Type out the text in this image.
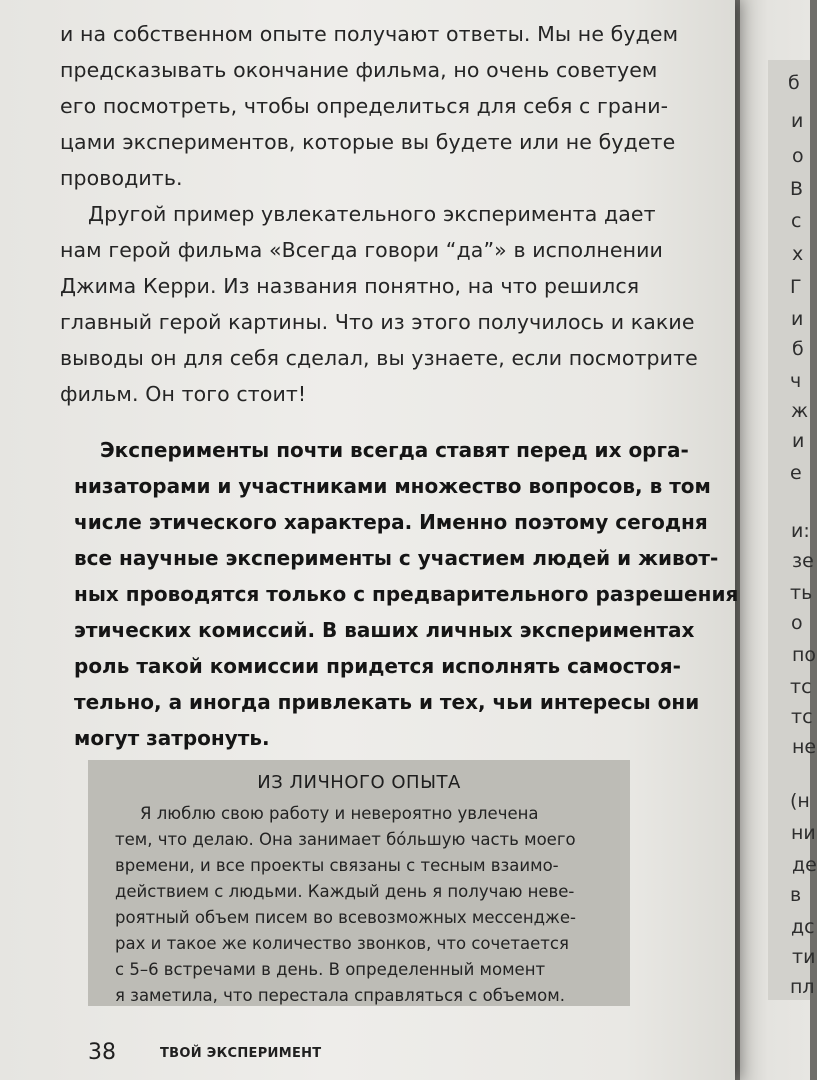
б
и
о
В
с
х
Г
и
б
ч
ж
и
е
и:
зе
ть
о
по
тс
тс
не
(н
ни
де
в
дс
ти
пл
и на собственном опыте получают ответы. Мы не будем
предсказывать окончание фильма, но очень советуем
его посмотреть, чтобы определиться для себя с грани-
цами экспериментов, которые вы будете или не будете
проводить.
Другой пример увлекательного эксперимента дает
нам герой фильма «Всегда говори “да”» в исполнении
Джима Керри. Из названия понятно, на что решился
главный герой картины. Что из этого получилось и какие
выводы он для себя сделал, вы узнаете, если посмотрите
фильм. Он того стоит!
Эксперименты почти всегда ставят перед их орга-
низаторами и участниками множество вопросов, в том
числе этического характера. Именно поэтому сегодня
все научные эксперименты с участием людей и живот-
ных проводятся только с предварительного разрешения
этических комиссий. В ваших личных экспериментах
роль такой комиссии придется исполнять самостоя-
тельно, а иногда привлекать и тех, чьи интересы они
могут затронуть.
ИЗ ЛИЧНОГО ОПЫТА
Я люблю свою работу и невероятно увлечена
тем, что делаю. Она занимает бóльшую часть моего
времени, и все проекты связаны с тесным взаимо-
действием с людьми. Каждый день я получаю неве-
роятный объем писем во всевозможных мессендже-
рах и такое же количество звонков, что сочетается
с 5–6 встречами в день. В определенный момент
я заметила, что перестала справляться с объемом.
38	ТВОЙ ЭКСПЕРИМЕНТ
